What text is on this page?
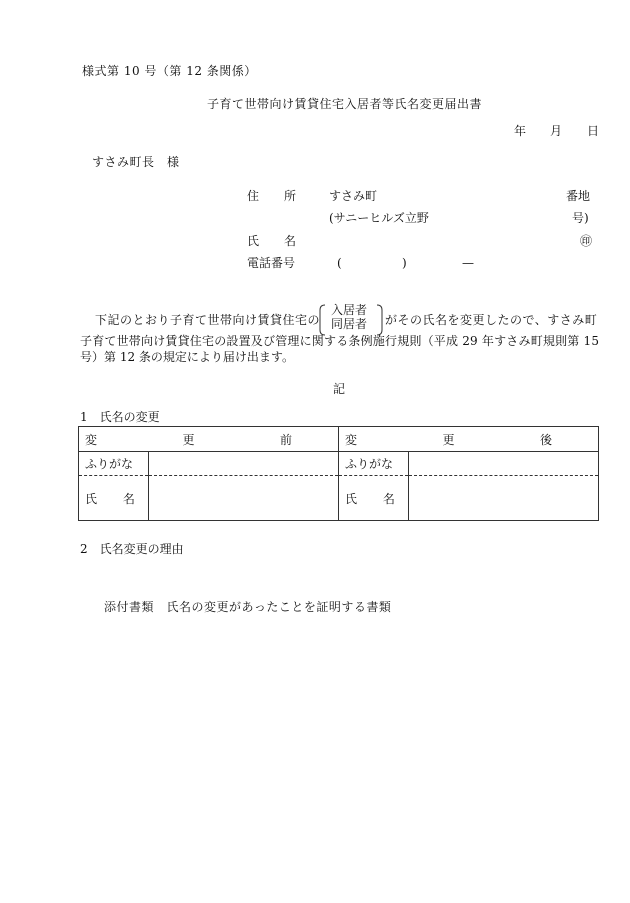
様式第 10 号（第 12 条関係）
子育て世帯向け賃貸住宅入居者等氏名変更届出書
年 月 日
すさみ町長　様
住 所	すさみ町	番地
(サニーヒルズ立野	号)
氏 名	㊞
電話番号	(	)	—
下記のとおり子育て世帯向け賃貸住宅の
入居者
同居者 がその氏名を変更したので、すさみ町
子育て世帯向け賃貸住宅の設置及び管理に関する条例施行規則（平成 29 年すさみ町規則第 15
号）第 12 条の規定により届け出ます。
記
1　氏名の変更
変 更 前		変 更 後	

ふりがな		ふりがな	
氏 名		氏 名	
2　氏名変更の理由
添付書類　氏名の変更があったことを証明する書類
